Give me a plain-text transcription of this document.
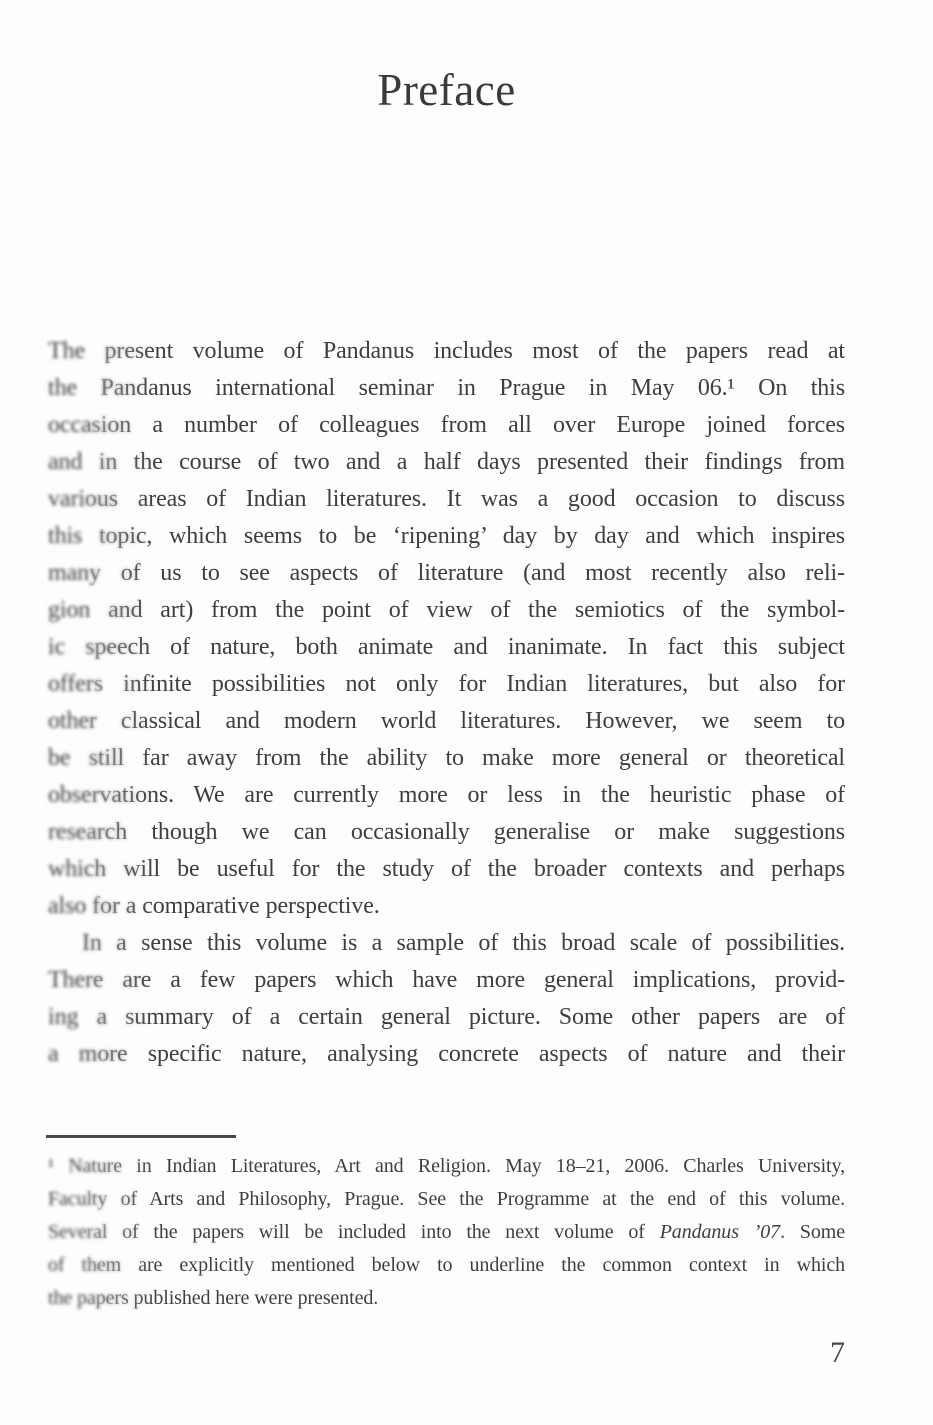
Preface
The present volume of Pandanus includes most of the papers read at
the Pandanus international seminar in Prague in May 06.¹ On this
occasion a number of colleagues from all over Europe joined forces
and in the course of two and a half days presented their findings from
various areas of Indian literatures. It was a good occasion to discuss
this topic, which seems to be ‘ripening’ day by day and which inspires
many of us to see aspects of literature (and most recently also reli-
gion and art) from the point of view of the semiotics of the symbol-
ic speech of nature, both animate and inanimate. In fact this subject
offers infinite possibilities not only for Indian literatures, but also for
other classical and modern world literatures. However, we seem to
be still far away from the ability to make more general or theoretical
observations. We are currently more or less in the heuristic phase of
research though we can occasionally generalise or make suggestions
which will be useful for the study of the broader contexts and perhaps
also for a comparative perspective.
In a sense this volume is a sample of this broad scale of possibilities.
There are a few papers which have more general implications, provid-
ing a summary of a certain general picture. Some other papers are of
a more specific nature, analysing concrete aspects of nature and their
¹ Nature in Indian Literatures, Art and Religion. May 18–21, 2006. Charles University,
Faculty of Arts and Philosophy, Prague. See the Programme at the end of this volume.
Several of the papers will be included into the next volume of Pandanus ’07. Some
of them are explicitly mentioned below to underline the common context in which
the papers published here were presented.
7
